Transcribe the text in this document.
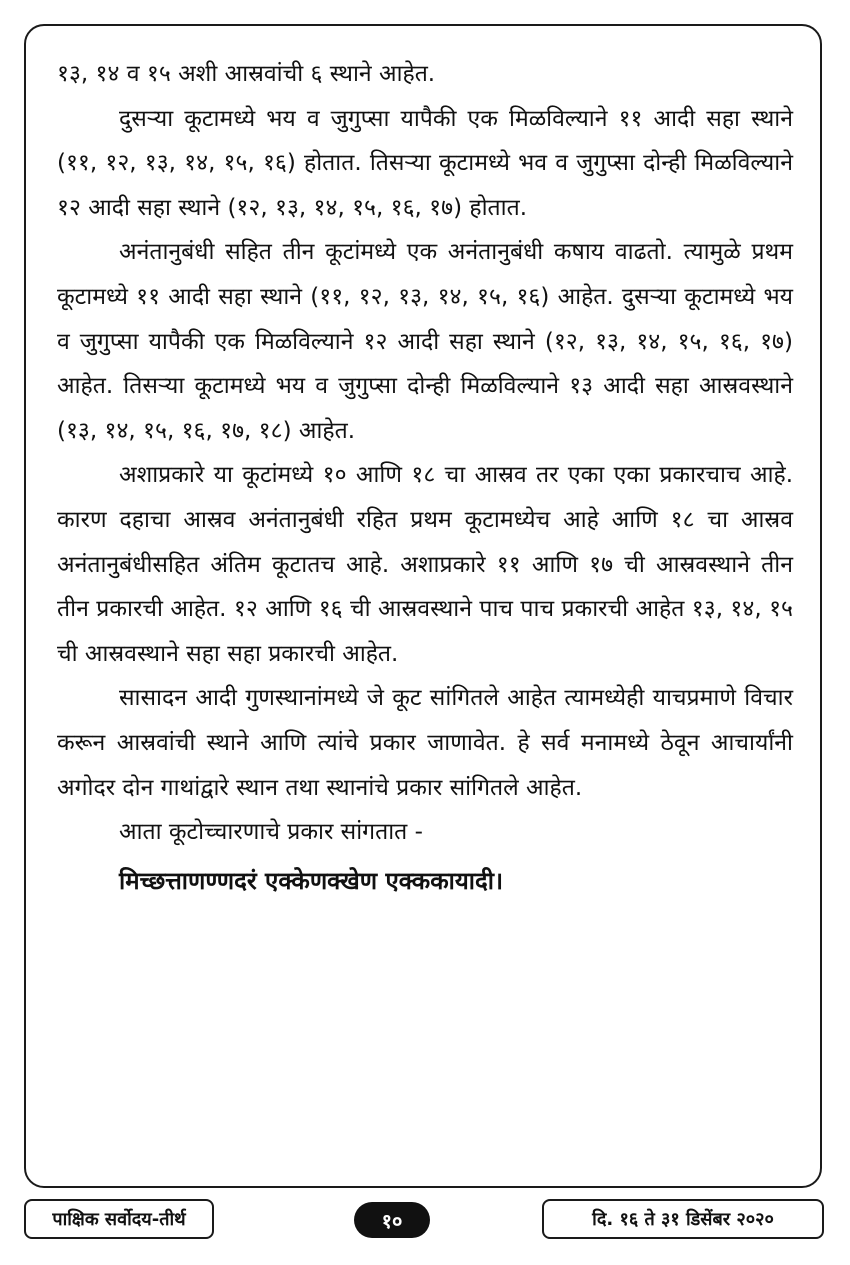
१३, १४ व १५ अशी आस्रवांची ६ स्थाने आहेत.

दुसऱ्या कूटामध्ये भय व जुगुप्सा यापैकी एक मिळविल्याने ११ आदी सहा स्थाने (११, १२, १३, १४, १५, १६) होतात. तिसऱ्या कूटामध्ये भव व जुगुप्सा दोन्ही मिळविल्याने १२ आदी सहा स्थाने (१२, १३, १४, १५, १६, १७) होतात.

अनंतानुबंधी सहित तीन कूटांमध्ये एक अनंतानुबंधी कषाय वाढतो. त्यामुळे प्रथम कूटामध्ये ११ आदी सहा स्थाने (११, १२, १३, १४, १५, १६) आहेत. दुसऱ्या कूटामध्ये भय व जुगुप्सा यापैकी एक मिळविल्याने १२ आदी सहा स्थाने (१२, १३, १४, १५, १६, १७) आहेत. तिसऱ्या कूटामध्ये भय व जुगुप्सा दोन्ही मिळविल्याने १३ आदी सहा आस्रवस्थाने (१३, १४, १५, १६, १७, १८) आहेत.

अशाप्रकारे या कूटांमध्ये १० आणि १८ चा आस्रव तर एका एका प्रकारचाच आहे. कारण दहाचा आस्रव अनंतानुबंधी रहित प्रथम कूटामध्येच आहे आणि १८ चा आस्रव अनंतानुबंधीसहित अंतिम कूटातच आहे. अशाप्रकारे ११ आणि १७ ची आस्रवस्थाने तीन तीन प्रकारची आहेत. १२ आणि १६ ची आस्रवस्थाने पाच पाच प्रकारची आहेत १३, १४, १५ ची आस्रवस्थाने सहा सहा प्रकारची आहेत.

सासादन आदी गुणस्थानांमध्ये जे कूट सांगितले आहेत त्यामध्येही याचप्रमाणे विचार करून आस्रवांची स्थाने आणि त्यांचे प्रकार जाणावेत. हे सर्व मनामध्ये ठेवून आचार्यांनी अगोदर दोन गाथांद्वारे स्थान तथा स्थानांचे प्रकार सांगितले आहेत.

आता कूटोच्चारणाचे प्रकार सांगतात -

मिच्छत्ताणण्णदरं एक्केणक्खेण एक्ककायादी।

पाक्षिक सर्वोदय-तीर्थ	१०	दि. १६ ते ३१ डिसेंबर २०२०
